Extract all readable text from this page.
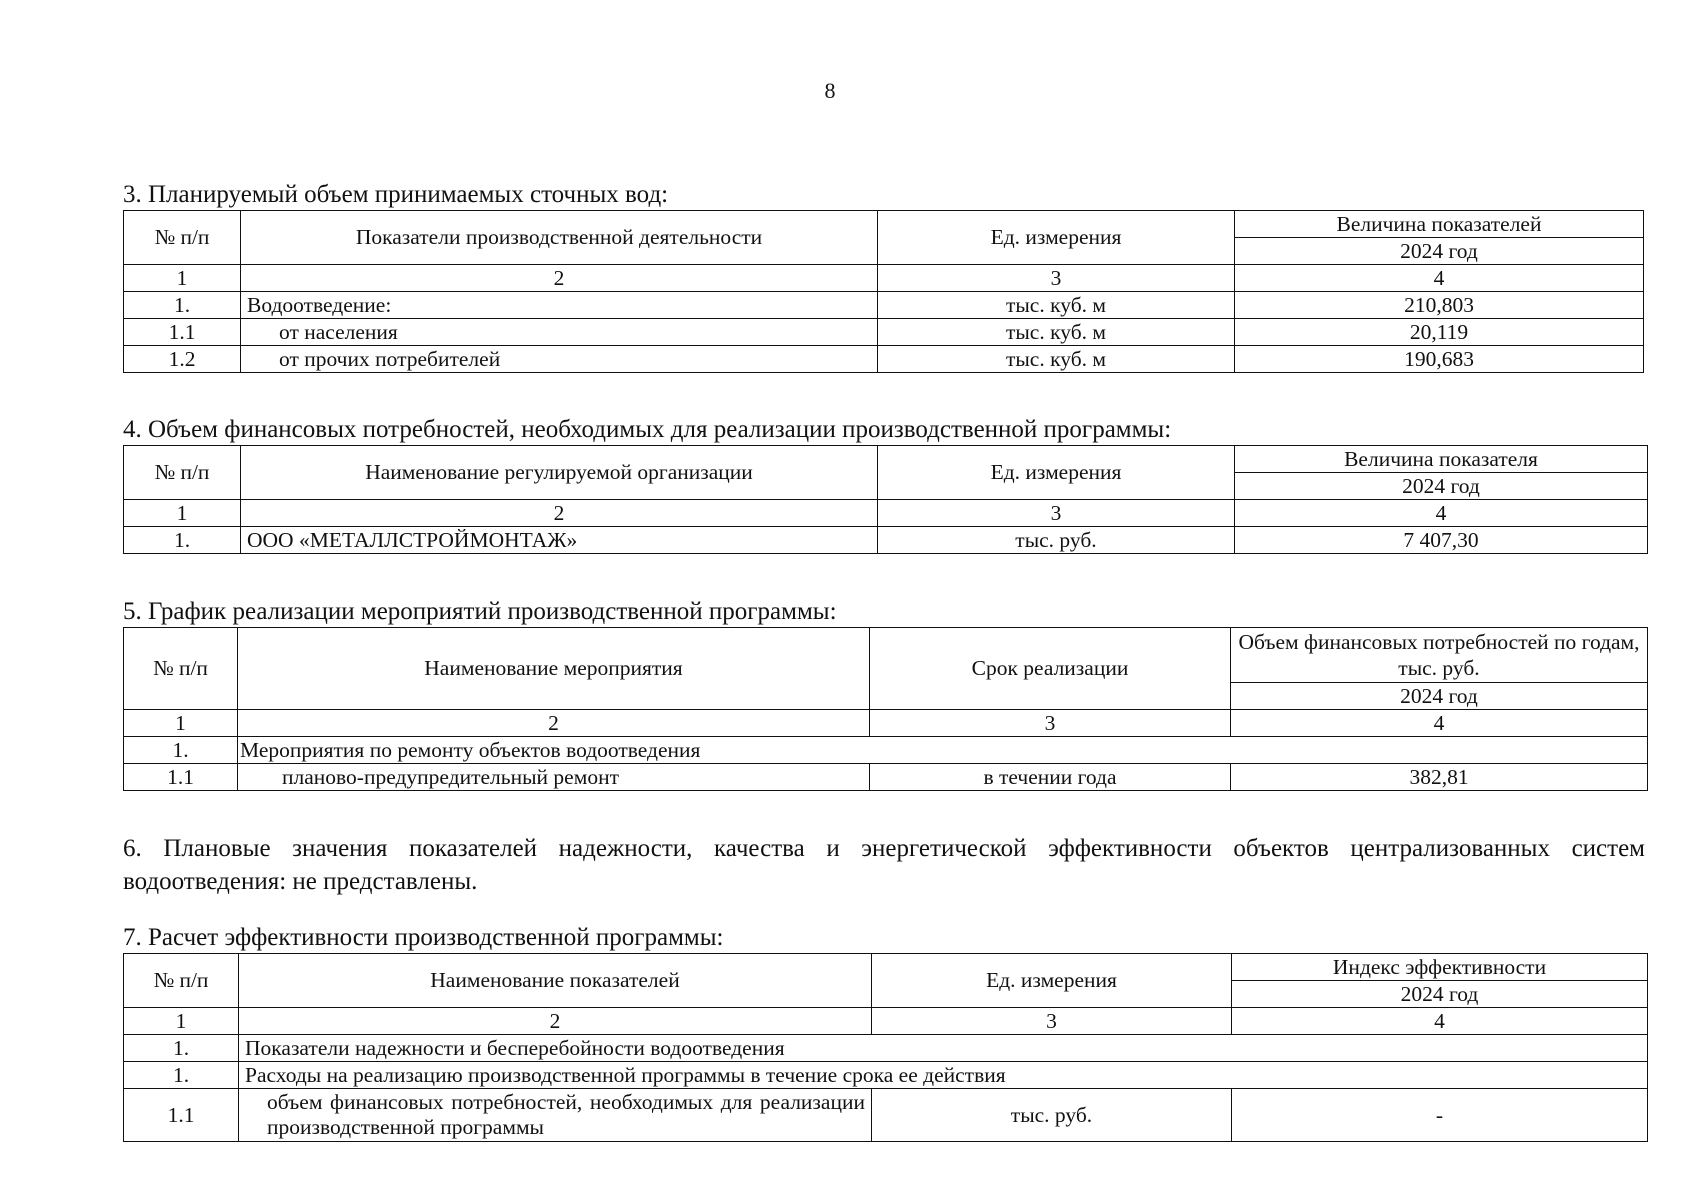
8

3. Планируемый объем принимаемых сточных вод:

№ п/п	Показатели производственной деятельности	Ед. измерения	Величина показателей
			2024 год
1	2	3	4
1.	Водоотведение:	тыс. куб. м	210,803
1.1	от населения	тыс. куб. м	20,119
1.2	от прочих потребителей	тыс. куб. м	190,683

4. Объем финансовых потребностей, необходимых для реализации производственной программы:

№ п/п	Наименование регулируемой организации	Ед. измерения	Величина показателя
			2024 год
1	2	3	4
1.	ООО «МЕТАЛЛСТРОЙМОНТАЖ»	тыс. руб.	7 407,30

5. График реализации мероприятий производственной программы:

№ п/п	Наименование мероприятия	Срок реализации	Объем финансовых потребностей по годам, тыс. руб.
			2024 год
1	2	3	4
1.	Мероприятия по ремонту объектов водоотведения		
1.1	планово-предупредительный ремонт	в течении года	382,81

6. Плановые значения показателей надежности, качества и энергетической эффективности объектов централизованных систем водоотведения: не представлены.

7. Расчет эффективности производственной программы:

№ п/п	Наименование показателей	Ед. измерения	Индекс эффективности
			2024 год
1	2	3	4
1.	Показатели надежности и бесперебойности водоотведения		
1.	Расходы на реализацию производственной программы в течение срока ее действия		
1.1	объем финансовых потребностей, необходимых для реализации производственной программы	тыс. руб.	-
